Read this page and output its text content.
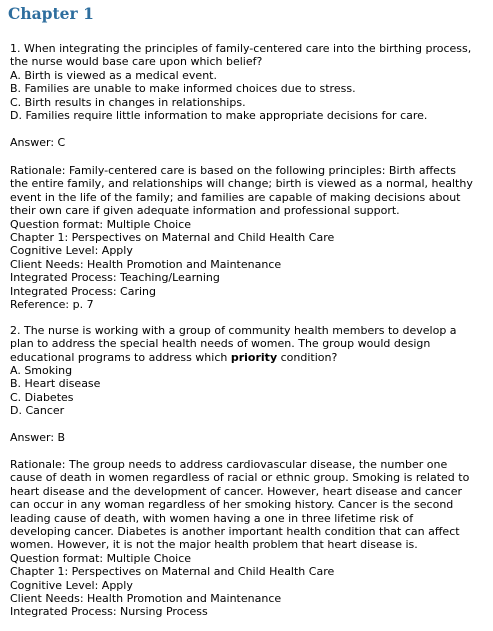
Chapter 1
1. When integrating the principles of family-centered care into the birthing process,
the nurse would base care upon which belief?
A. Birth is viewed as a medical event.
B. Families are unable to make informed choices due to stress.
C. Birth results in changes in relationships.
D. Families require little information to make appropriate decisions for care.
Answer: C
Rationale: Family-centered care is based on the following principles: Birth affects
the entire family, and relationships will change; birth is viewed as a normal, healthy
event in the life of the family; and families are capable of making decisions about
their own care if given adequate information and professional support.
Question format: Multiple Choice
Chapter 1: Perspectives on Maternal and Child Health Care
Cognitive Level: Apply
Client Needs: Health Promotion and Maintenance
Integrated Process: Teaching/Learning
Integrated Process: Caring
Reference: p. 7
2. The nurse is working with a group of community health members to develop a
plan to address the special health needs of women. The group would design
educational programs to address which priority condition?
A. Smoking
B. Heart disease
C. Diabetes
D. Cancer
Answer: B
Rationale: The group needs to address cardiovascular disease, the number one
cause of death in women regardless of racial or ethnic group. Smoking is related to
heart disease and the development of cancer. However, heart disease and cancer
can occur in any woman regardless of her smoking history. Cancer is the second
leading cause of death, with women having a one in three lifetime risk of
developing cancer. Diabetes is another important health condition that can affect
women. However, it is not the major health problem that heart disease is.
Question format: Multiple Choice
Chapter 1: Perspectives on Maternal and Child Health Care
Cognitive Level: Apply
Client Needs: Health Promotion and Maintenance
Integrated Process: Nursing Process
